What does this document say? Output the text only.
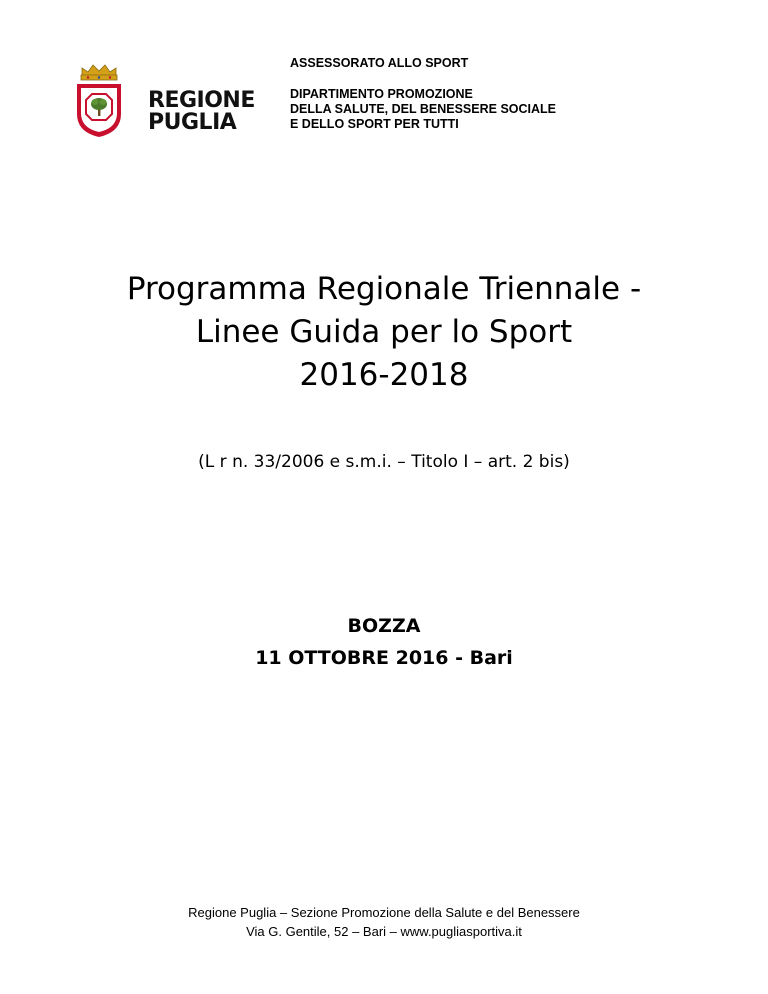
REGIONE
PUGLIA
ASSESSORATO ALLO SPORT
DIPARTIMENTO PROMOZIONE
DELLA SALUTE, DEL BENESSERE SOCIALE
E DELLO SPORT PER TUTTI
Programma Regionale Triennale -
Linee Guida per lo Sport
2016-2018
(L r n. 33/2006 e s.m.i. – Titolo I – art. 2 bis)
BOZZA
11 OTTOBRE 2016 - Bari
Regione Puglia – Sezione Promozione della Salute e del Benessere
Via G. Gentile, 52 – Bari – www.pugliasportiva.it
